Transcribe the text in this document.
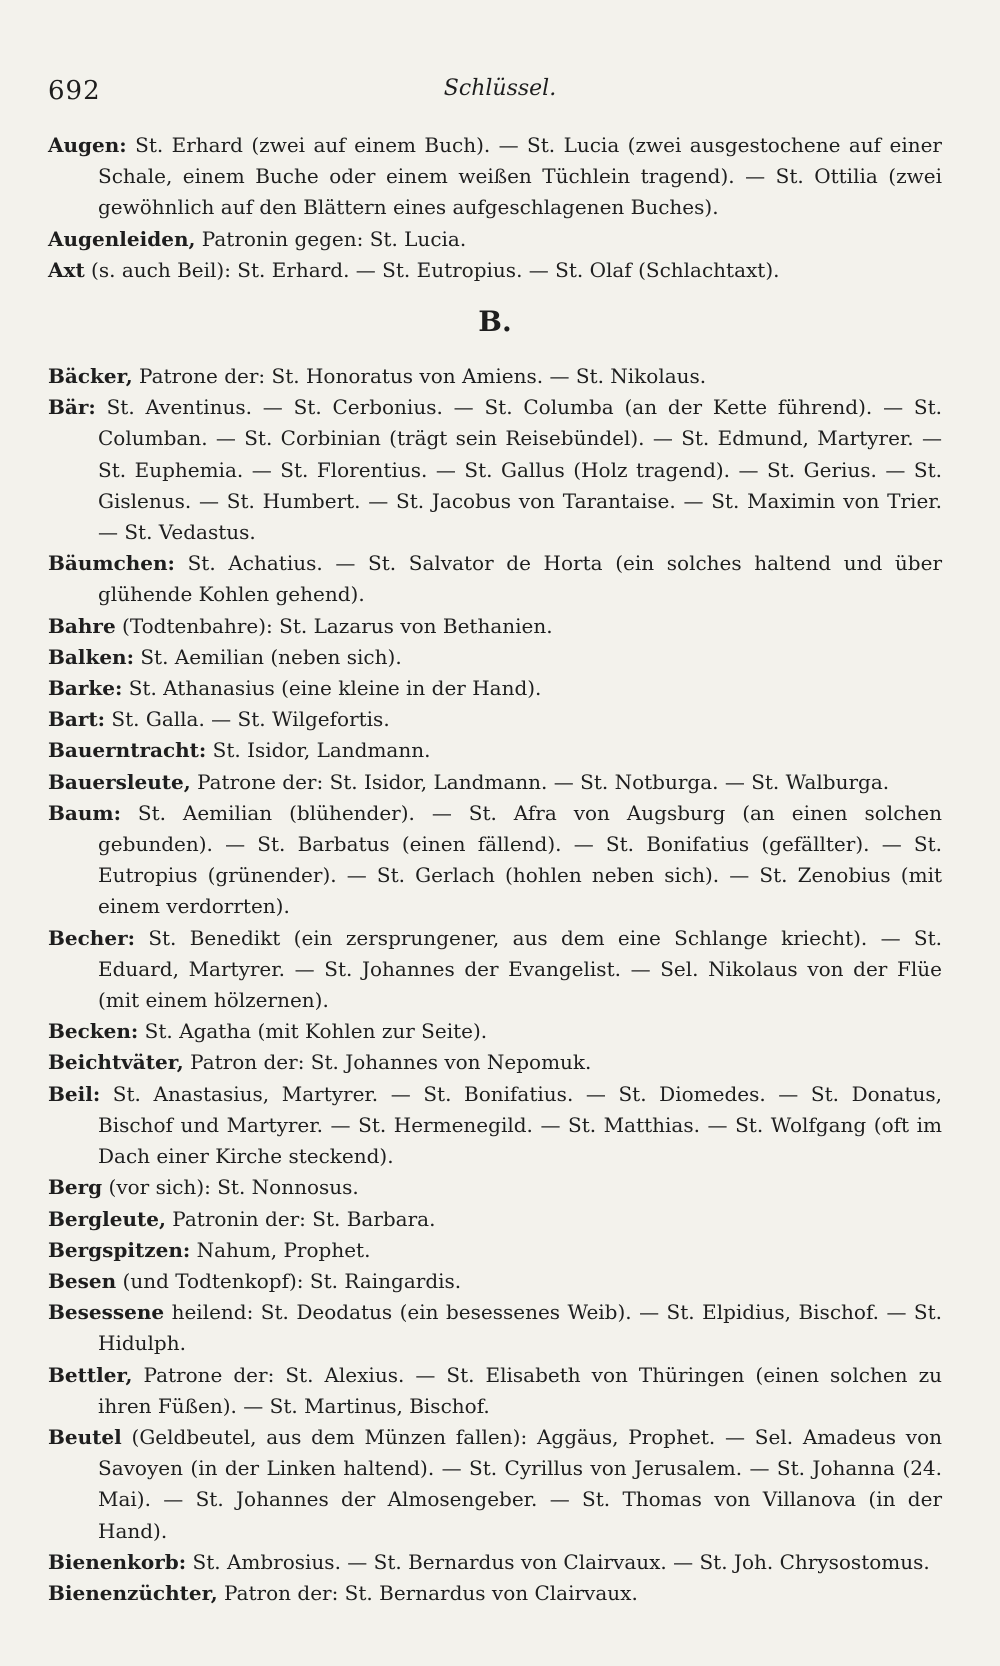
692	Schlüssel.

Augen: St. Erhard (zwei auf einem Buch). — St. Lucia (zwei ausgestochene auf einer Schale, einem Buche oder einem weißen Tüchlein tragend). — St. Ottilia (zwei gewöhnlich auf den Blättern eines aufgeschlagenen Buches).

Augenleiden, Patronin gegen: St. Lucia.

Axt (s. auch Beil): St. Erhard. — St. Eutropius. — St. Olaf (Schlachtaxt).

B.

Bäcker, Patrone der: St. Honoratus von Amiens. — St. Nikolaus.

Bär: St. Aventinus. — St. Cerbonius. — St. Columba (an der Kette führend). — St. Columban. — St. Corbinian (trägt sein Reisebündel). — St. Edmund, Martyrer. — St. Euphemia. — St. Florentius. — St. Gallus (Holz tragend). — St. Gerius. — St. Gislenus. — St. Humbert. — St. Jacobus von Tarantaise. — St. Maximin von Trier. — St. Vedastus.

Bäumchen: St. Achatius. — St. Salvator de Horta (ein solches haltend und über glühende Kohlen gehend).

Bahre (Todtenbahre): St. Lazarus von Bethanien.

Balken: St. Aemilian (neben sich).

Barke: St. Athanasius (eine kleine in der Hand).

Bart: St. Galla. — St. Wilgefortis.

Bauerntracht: St. Isidor, Landmann.

Bauersleute, Patrone der: St. Isidor, Landmann. — St. Notburga. — St. Walburga.

Baum: St. Aemilian (blühender). — St. Afra von Augsburg (an einen solchen gebunden). — St. Barbatus (einen fällend). — St. Bonifatius (gefällter). — St. Eutropius (grünender). — St. Gerlach (hohlen neben sich). — St. Zenobius (mit einem verdorrten).

Becher: St. Benedikt (ein zersprungener, aus dem eine Schlange kriecht). — St. Eduard, Martyrer. — St. Johannes der Evangelist. — Sel. Nikolaus von der Flüe (mit einem hölzernen).

Becken: St. Agatha (mit Kohlen zur Seite).

Beichtväter, Patron der: St. Johannes von Nepomuk.

Beil: St. Anastasius, Martyrer. — St. Bonifatius. — St. Diomedes. — St. Donatus, Bischof und Martyrer. — St. Hermenegild. — St. Matthias. — St. Wolfgang (oft im Dach einer Kirche steckend).

Berg (vor sich): St. Nonnosus.

Bergleute, Patronin der: St. Barbara.

Bergspitzen: Nahum, Prophet.

Besen (und Todtenkopf): St. Raingardis.

Besessene heilend: St. Deodatus (ein besessenes Weib). — St. Elpidius, Bischof. — St. Hidulph.

Bettler, Patrone der: St. Alexius. — St. Elisabeth von Thüringen (einen solchen zu ihren Füßen). — St. Martinus, Bischof.

Beutel (Geldbeutel, aus dem Münzen fallen): Aggäus, Prophet. — Sel. Amadeus von Savoyen (in der Linken haltend). — St. Cyrillus von Jerusalem. — St. Johanna (24. Mai). — St. Johannes der Almosengeber. — St. Thomas von Villanova (in der Hand).

Bienenkorb: St. Ambrosius. — St. Bernardus von Clairvaux. — St. Joh. Chrysostomus.

Bienenzüchter, Patron der: St. Bernardus von Clairvaux.
